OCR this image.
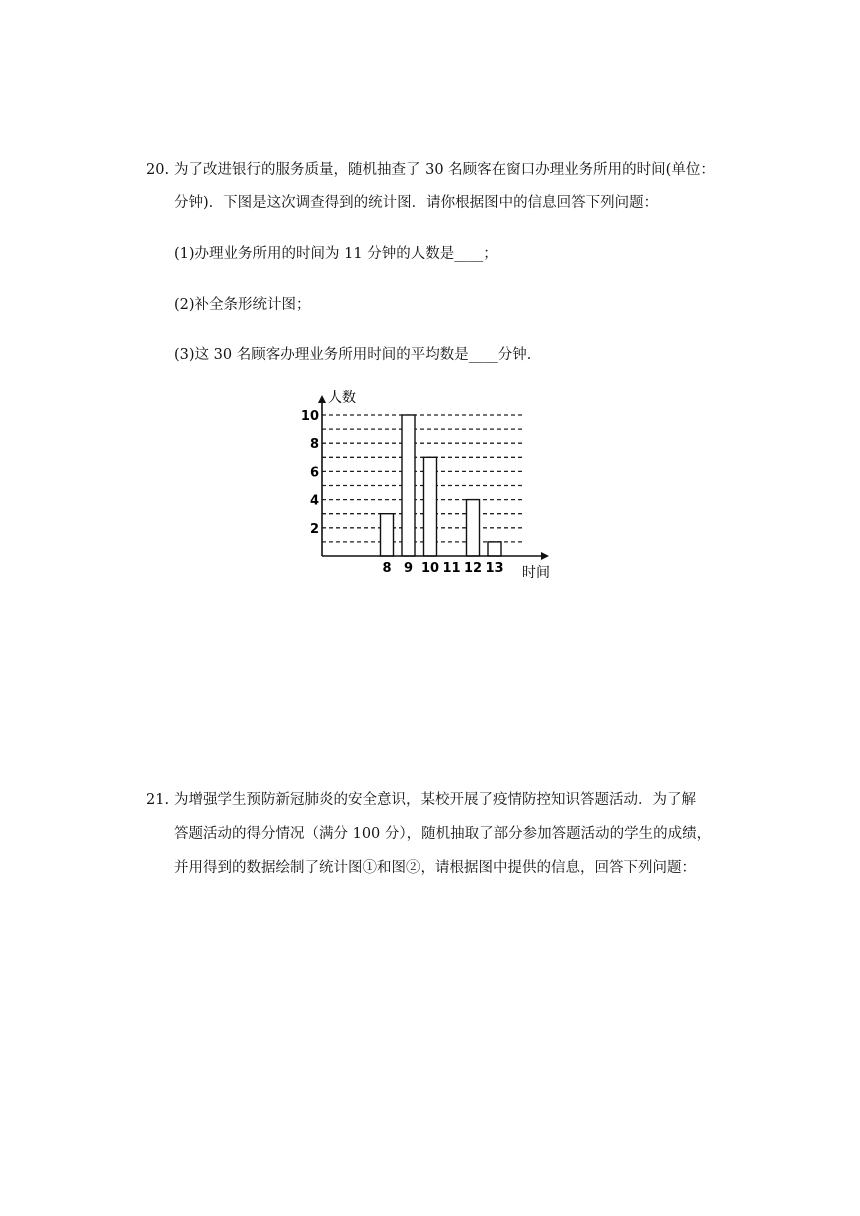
20. 为了改进银行的服务质量，随机抽查了 30 名顾客在窗口办理业务所用的时间(单位：
分钟)．下图是这次调查得到的统计图．请你根据图中的信息回答下列问题：
(1)办理业务所用的时间为 11 分钟的人数是____；
(2)补全条形统计图；
(3)这 30 名顾客办理业务所用时间的平均数是____分钟．
人数
时间
2
4
6
8
10
8 9 10 11 12 13
21. 为增强学生预防新冠肺炎的安全意识，某校开展了疫情防控知识答题活动．为了解
答题活动的得分情况（满分 100 分），随机抽取了部分参加答题活动的学生的成绩，
并用得到的数据绘制了统计图①和图②，请根据图中提供的信息，回答下列问题：
